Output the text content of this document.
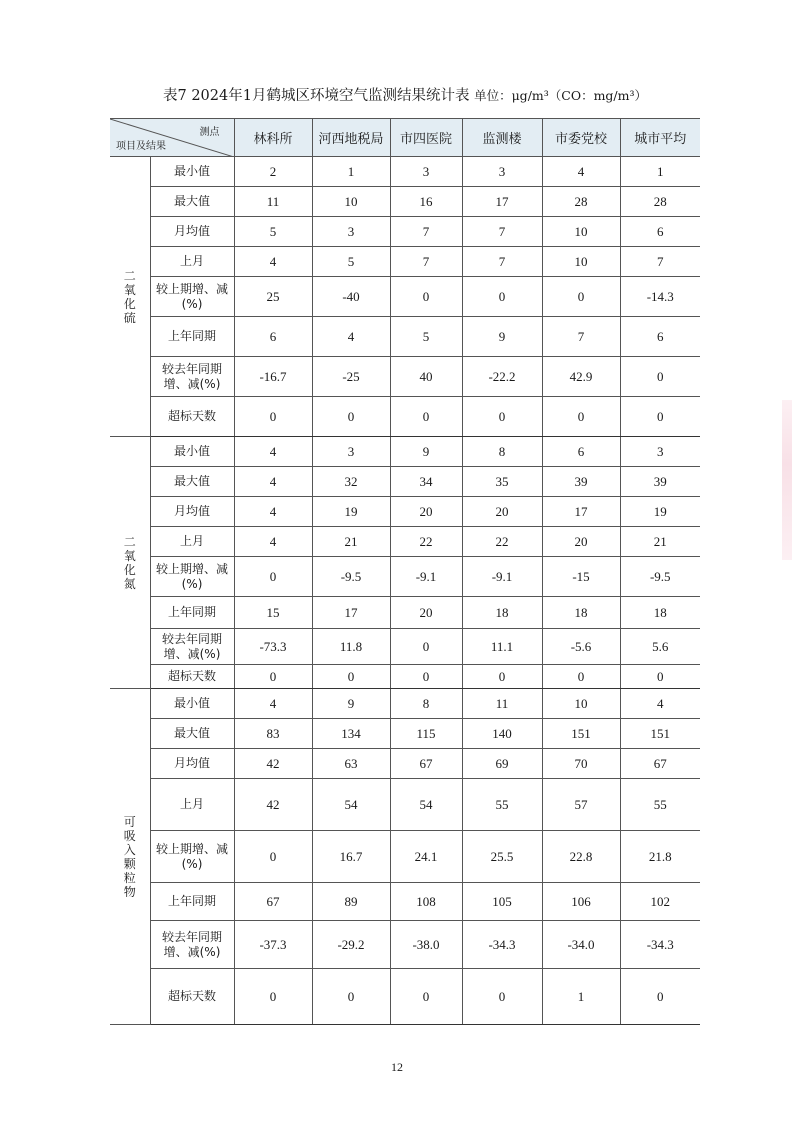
表7 2024年1月鹤城区环境空气监测结果统计表 单位：μg/m³（CO：mg/m³）
测点
项目及结果		林科所	河西地税局	市四医院	监测楼	市委党校	城市平均
二氧化硫	最小值	2	1	3	3	4	1
	最大值	11	10	16	17	28	28
	月均值	5	3	7	7	10	6
	上月	4	5	7	7	10	7
	较上期增、减(%)	25	-40	0	0	0	-14.3
	上年同期	6	4	5	9	7	6
	较去年同期增、减(%)	-16.7	-25	40	-22.2	42.9	0
	超标天数	0	0	0	0	0	0
二氧化氮	最小值	4	3	9	8	6	3
	最大值	4	32	34	35	39	39
	月均值	4	19	20	20	17	19
	上月	4	21	22	22	20	21
	较上期增、减(%)	0	-9.5	-9.1	-9.1	-15	-9.5
	上年同期	15	17	20	18	18	18
	较去年同期增、减(%)	-73.3	11.8	0	11.1	-5.6	5.6
	超标天数	0	0	0	0	0	0
可吸入颗粒物	最小值	4	9	8	11	10	4
	最大值	83	134	115	140	151	151
	月均值	42	63	67	69	70	67
	上月	42	54	54	55	57	55
	较上期增、减(%)	0	16.7	24.1	25.5	22.8	21.8
	上年同期	67	89	108	105	106	102
	较去年同期增、减(%)	-37.3	-29.2	-38.0	-34.3	-34.0	-34.3
	超标天数	0	0	0	0	1	0
12
